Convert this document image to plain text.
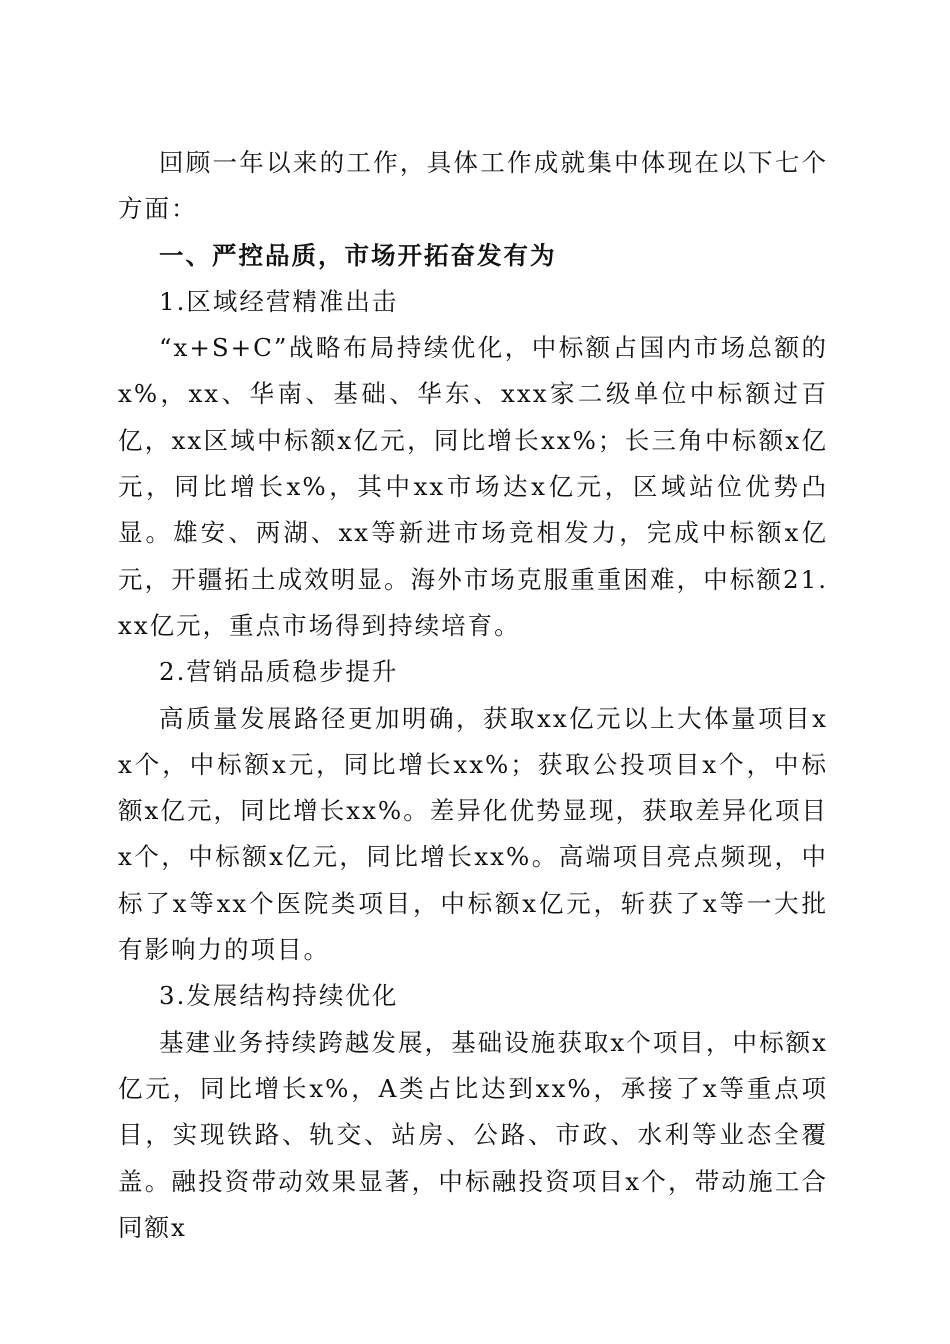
回顾一年以来的工作，具体工作成就集中体现在以下七个方面：

一、严控品质，市场开拓奋发有为

1.区域经营精准出击

“x+S+C”战略布局持续优化，中标额占国内市场总额的x%，xx、华南、基础、华东、xxx家二级单位中标额过百亿，xx区域中标额x亿元，同比增长xx%；长三角中标额x亿元，同比增长x%，其中xx市场达x亿元，区域站位优势凸显。雄安、两湖、xx等新进市场竞相发力，完成中标额x亿元，开疆拓土成效明显。海外市场克服重重困难，中标额21.xx亿元，重点市场得到持续培育。

2.营销品质稳步提升

高质量发展路径更加明确，获取xx亿元以上大体量项目xx个，中标额x元，同比增长xx%；获取公投项目x个，中标额x亿元，同比增长xx%。差异化优势显现，获取差异化项目x个，中标额x亿元，同比增长xx%。高端项目亮点频现，中标了x等xx个医院类项目，中标额x亿元，斩获了x等一大批有影响力的项目。

3.发展结构持续优化

基建业务持续跨越发展，基础设施获取x个项目，中标额x亿元，同比增长x%，A类占比达到xx%，承接了x等重点项目，实现铁路、轨交、站房、公路、市政、水利等业态全覆盖。融投资带动效果显著，中标融投资项目x个，带动施工合同额x
